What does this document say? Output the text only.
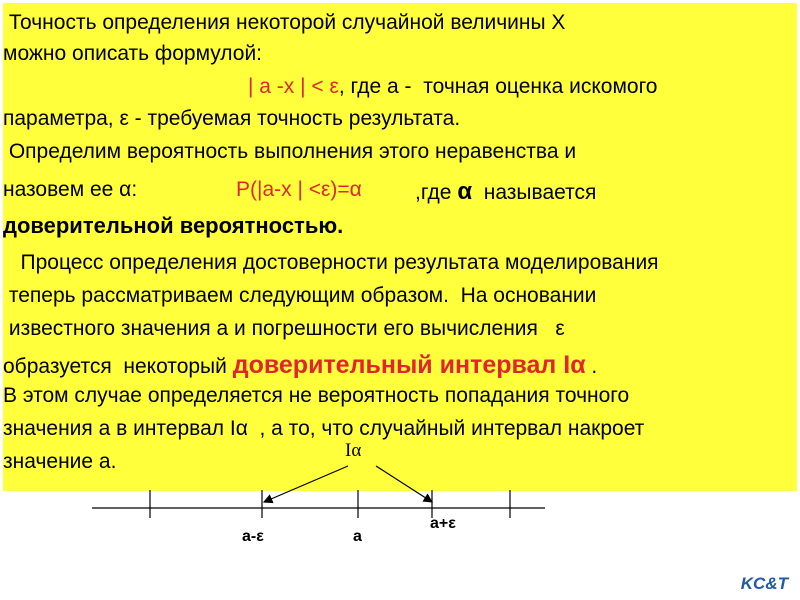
Точность определения некоторой случайной величины Х
можно описать формулой:
| а -х | < ε, где а -  точная оценка искомого
параметра, ε - требуемая точность результата.
Определим вероятность выполнения этого неравенства и
назовем ее α:	P(|а-х | <ε)=α	,где α  называется
доверительной вероятностью.
Процесс определения достоверности результата моделирования
теперь рассматриваем следующим образом.  На основании
известного значения а и погрешности его вычисления   ε
образуется  некоторый доверительный интервал Iα .
В этом случае определяется не вероятность попадания точного
значения а в интервал Iα  , а то, что случайный интервал накроет
значение а.	Iα
а-ε	а
а+ε
KC&T
